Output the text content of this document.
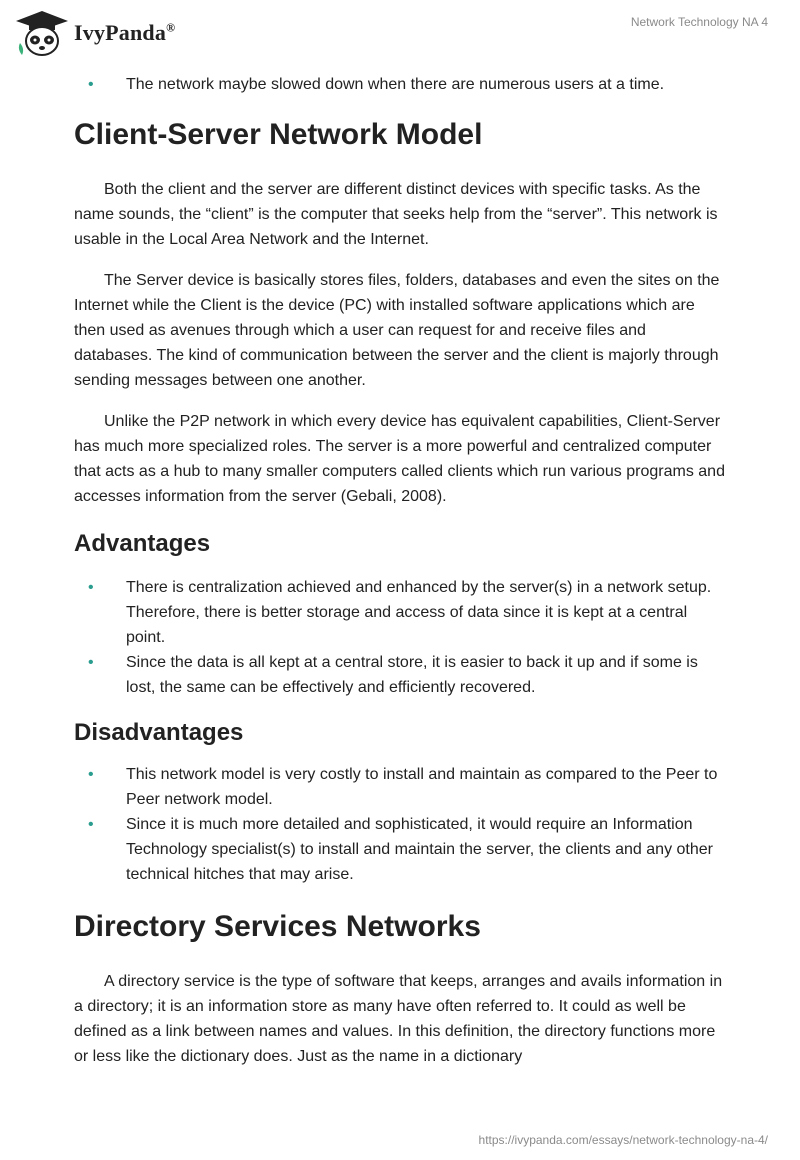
IvyPanda®	Network Technology NA 4
• The network maybe slowed down when there are numerous users at a time.
Client-Server Network Model

Both the client and the server are different distinct devices with specific tasks. As the name sounds, the “client” is the computer that seeks help from the “server”. This network is usable in the Local Area Network and the Internet.

The Server device is basically stores files, folders, databases and even the sites on the Internet while the Client is the device (PC) with installed software applications which are then used as avenues through which a user can request for and receive files and databases. The kind of communication between the server and the client is majorly through sending messages between one another.

Unlike the P2P network in which every device has equivalent capabilities, Client-Server has much more specialized roles. The server is a more powerful and centralized computer that acts as a hub to many smaller computers called clients which run various programs and accesses information from the server (Gebali, 2008).

Advantages
• There is centralization achieved and enhanced by the server(s) in a network setup. Therefore, there is better storage and access of data since it is kept at a central point.
• Since the data is all kept at a central store, it is easier to back it up and if some is lost, the same can be effectively and efficiently recovered.
Disadvantages
• This network model is very costly to install and maintain as compared to the Peer to Peer network model.
• Since it is much more detailed and sophisticated, it would require an Information Technology specialist(s) to install and maintain the server, the clients and any other technical hitches that may arise.
Directory Services Networks

A directory service is the type of software that keeps, arranges and avails information in a directory; it is an information store as many have often referred to. It could as well be defined as a link between names and values. In this definition, the directory functions more or less like the dictionary does. Just as the name in a dictionary

https://ivypanda.com/essays/network-technology-na-4/
